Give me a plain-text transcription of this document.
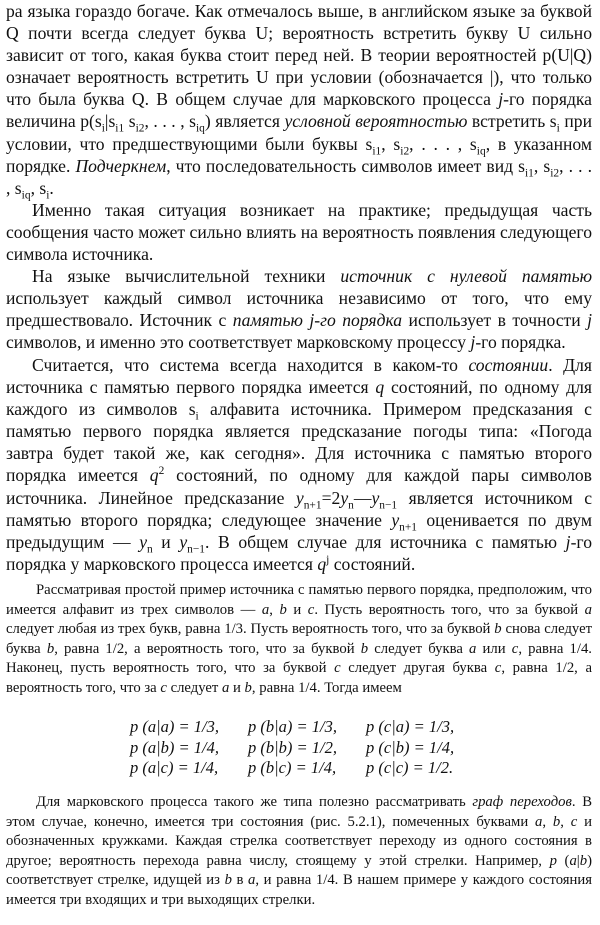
ра языка гораздо богаче. Как отмечалось выше, в английском языке за буквой Q почти всегда следует буква U; вероятность встретить букву U сильно зависит от того, какая буква стоит перед ней. В теории вероятностей p(U|Q) означает вероятность встретить U при условии (обозначается |), что только что была буква Q. В общем случае для марковского процесса j-го порядка величина $p(s_i|s_{i1}$ $s_{i2}$, . . . , $s_{iq}$) является условной вероятностью встретить $s_i$ при условии, что предшествующими были буквы $s_{i1}$, $s_{i2}$, . . . , $s_{iq}$, в указанном порядке. Подчеркнем, что последовательность символов имеет вид $s_{i1}$, $s_{i2}$, . . . , $s_{iq}$, $s_i$.

Именно такая ситуация возникает на практике; предыдущая часть сообщения часто может сильно влиять на вероятность появления следующего символа источника.

На языке вычислительной техники источник с нулевой памятью использует каждый символ источника независимо от того, что ему предшествовало. Источник с памятью j-го порядка использует в точности j символов, и именно это соответствует марковскому процессу j-го порядка.

Считается, что система всегда находится в каком-то состоянии. Для источника с памятью первого порядка имеется q состояний, по одному для каждого из символов $s_i$ алфавита источника. Примером предсказания с памятью первого порядка является предсказание погоды типа: «Погода завтра будет такой же, как сегодня». Для источника с памятью второго порядка имеется $q^2$ состояний, по одному для каждой пары символов источника. Линейное предсказание $y_{n+1}=2y_n—y_{n-1}$ является источником с памятью второго порядка; следующее значение $y_{n+1}$ оценивается по двум предыдущим — $y_n$ и $y_{n-1}$. В общем случае для источника с памятью j-го порядка у марковского процесса имеется $q^j$ состояний.

Рассматривая простой пример источника с памятью первого порядка, предположим, что имеется алфавит из трех символов — a, b и c. Пусть вероятность того, что за буквой a следует любая из трех букв, равна 1/3. Пусть вероятность того, что за буквой b снова следует буква b, равна 1/2, а вероятность того, что за буквой b следует буква a или c, равна 1/4. Наконец, пусть вероятность того, что за буквой c следует другая буква c, равна 1/2, а вероятность того, что за c следует a и b, равна 1/4. Тогда имеем

p (a|a) = 1/3,	p (b|a) = 1/3,	p (c|a) = 1/3,
p (a|b) = 1/4,	p (b|b) = 1/2,	p (c|b) = 1/4,
p (a|c) = 1/4,	p (b|c) = 1/4,	p (c|c) = 1/2.

Для марковского процесса такого же типа полезно рассматривать граф переходов. В этом случае, конечно, имеется три состояния (рис. 5.2.1), помеченных буквами a, b, c и обозначенных кружками. Каждая стрелка соответствует переходу из одного состояния в другое; вероятность перехода равна числу, стоящему у этой стрелки. Например, p (a|b) соответствует стрелке, идущей из b в a, и равна 1/4. В нашем примере у каждого состояния имеется три входящих и три выходящих стрелки.
